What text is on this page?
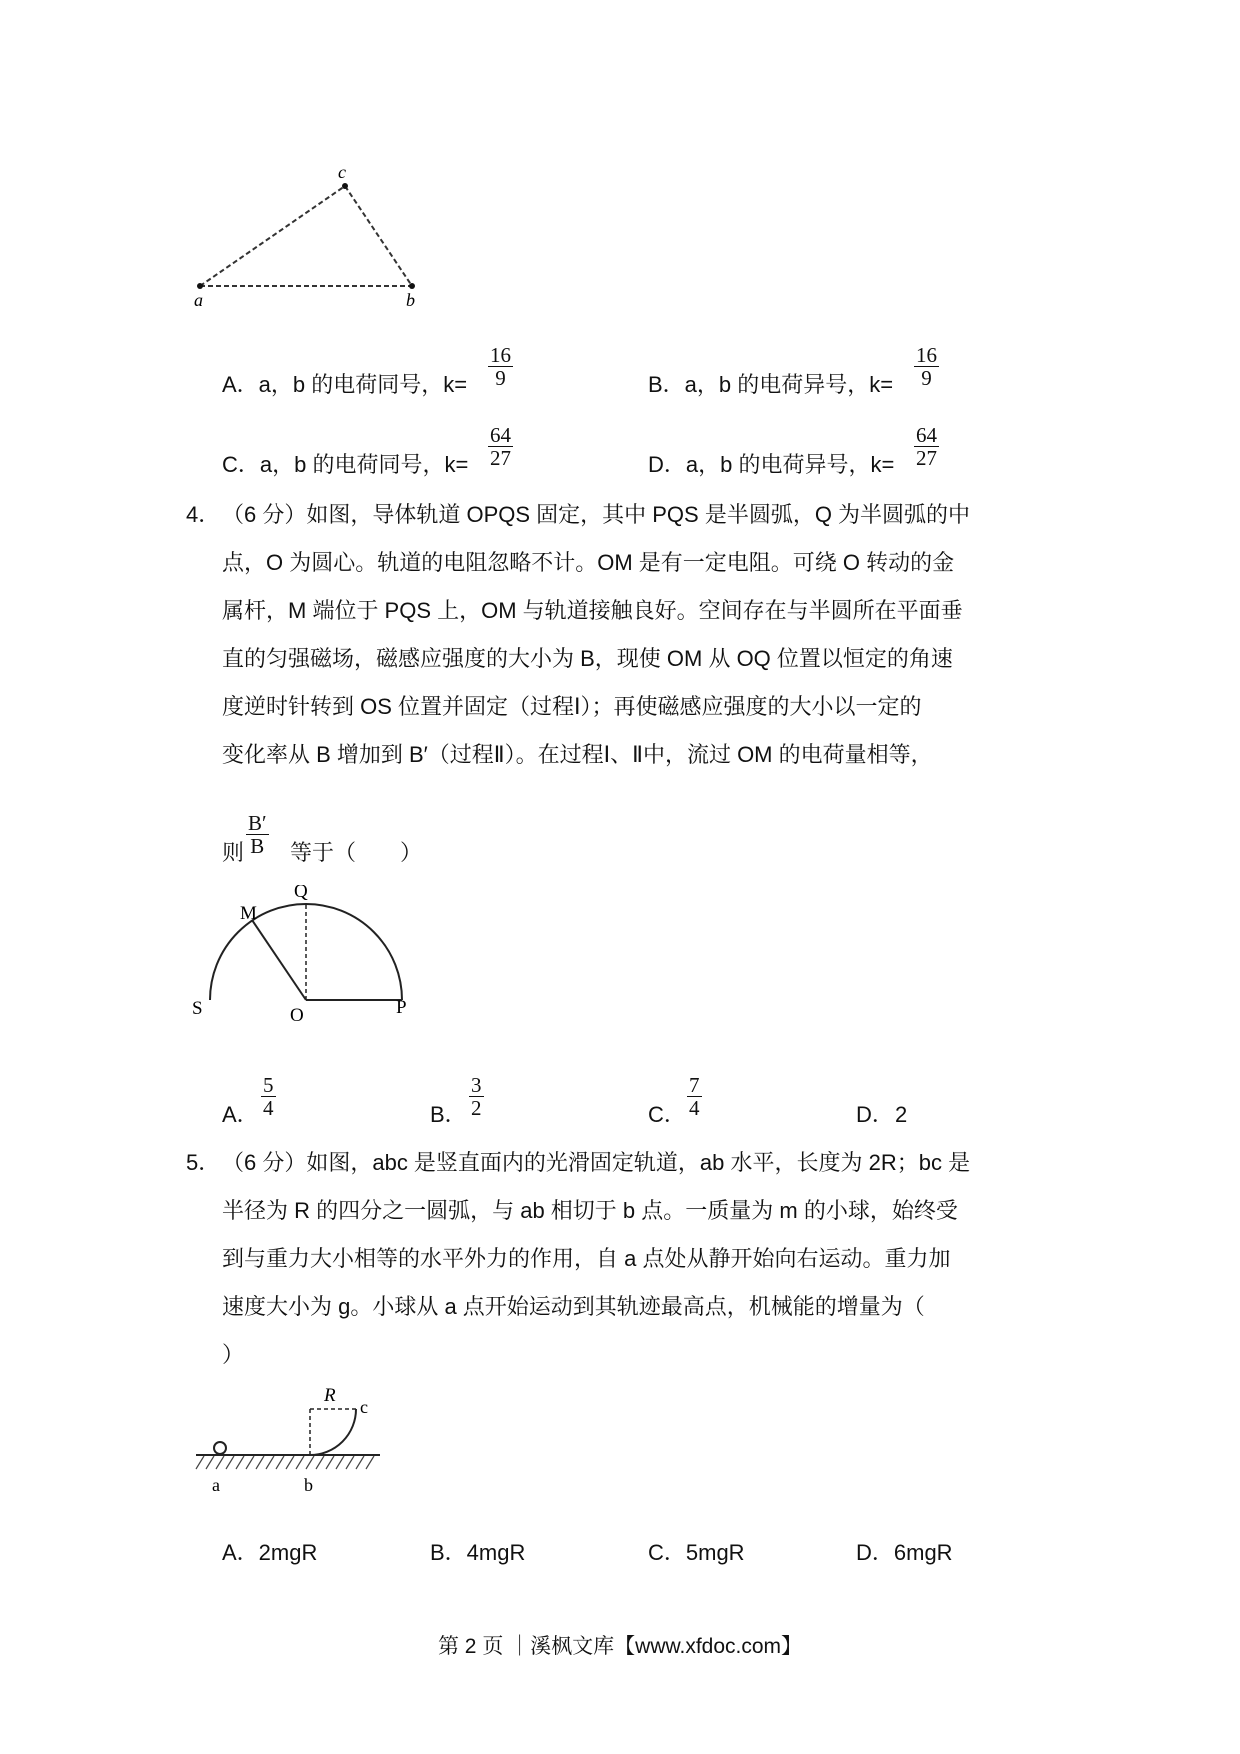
a	b
c
A．a，b 的电荷同号，$k= \frac{16}{9}$	B．a，b 的电荷异号，$k= \frac{16}{9}$
C．a，b 的电荷同号，$k= \frac{64}{27}$	D．a，b 的电荷异号，$k= \frac{64}{27}$
4． （6 分）如图，导体轨道 OPQS 固定，其中 PQS 是半圆弧，Q 为半圆弧的中
点，O 为圆心。轨道的电阻忽略不计。OM 是有一定电阻。可绕 O 转动的金
属杆，M 端位于 PQS 上，OM 与轨道接触良好。空间存在与半圆所在平面垂
直的匀强磁场，磁感应强度的大小为 B，现使 OM 从 OQ 位置以恒定的角速
度逆时针转到 OS 位置并固定（过程Ⅰ）；再使磁感应强度的大小以一定的
变化率从 B 增加到 B′（过程Ⅱ）。在过程Ⅰ、Ⅱ中，流过 OM 的电荷量相等，
则 $\frac{B'}{B}$ 等于（　　）
M
Q
S	O	P
A． $\frac{5}{4}$	B． $\frac{3}{2}$	C． $\frac{7}{4}$	D． 2
5． （6 分）如图，abc 是竖直面内的光滑固定轨道，ab 水平，长度为 2R；bc 是
半径为 R 的四分之一圆弧，与 ab 相切于 b 点。一质量为 m 的小球，始终受
到与重力大小相等的水平外力的作用，自 a 点处从静开始向右运动。重力加
速度大小为 g。小球从 a 点开始运动到其轨迹最高点，机械能的增量为（
）
R
c
a	b
A．2mgR	B．4mgR	C．5mgR	D．6mgR
第 2 页 ｜溪枫文库【www.xfdoc.com】
